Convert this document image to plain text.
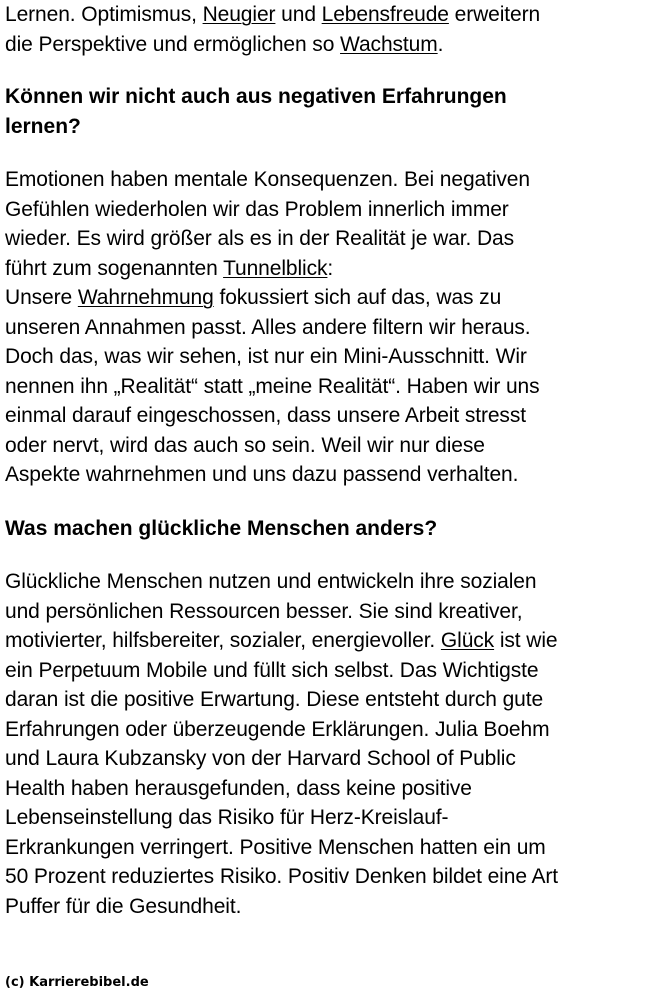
Lernen. Optimismus, Neugier und Lebensfreude erweitern
die Perspektive und ermöglichen so Wachstum.

Können wir nicht auch aus negativen Erfahrungen
lernen?

Emotionen haben mentale Konsequenzen. Bei negativen
Gefühlen wiederholen wir das Problem innerlich immer
wieder. Es wird größer als es in der Realität je war. Das
führt zum sogenannten Tunnelblick:
Unsere Wahrnehmung fokussiert sich auf das, was zu
unseren Annahmen passt. Alles andere filtern wir heraus.
Doch das, was wir sehen, ist nur ein Mini-Ausschnitt. Wir
nennen ihn „Realität“ statt „meine Realität“. Haben wir uns
einmal darauf eingeschossen, dass unsere Arbeit stresst
oder nervt, wird das auch so sein. Weil wir nur diese
Aspekte wahrnehmen und uns dazu passend verhalten.

Was machen glückliche Menschen anders?

Glückliche Menschen nutzen und entwickeln ihre sozialen
und persönlichen Ressourcen besser. Sie sind kreativer,
motivierter, hilfsbereiter, sozialer, energievoller. Glück ist wie
ein Perpetuum Mobile und füllt sich selbst. Das Wichtigste
daran ist die positive Erwartung. Diese entsteht durch gute
Erfahrungen oder überzeugende Erklärungen. Julia Boehm
und Laura Kubzansky von der Harvard School of Public
Health haben herausgefunden, dass keine positive
Lebenseinstellung das Risiko für Herz-Kreislauf-
Erkrankungen verringert. Positive Menschen hatten ein um
50 Prozent reduziertes Risiko. Positiv Denken bildet eine Art
Puffer für die Gesundheit.

(c) Karrierebibel.de
